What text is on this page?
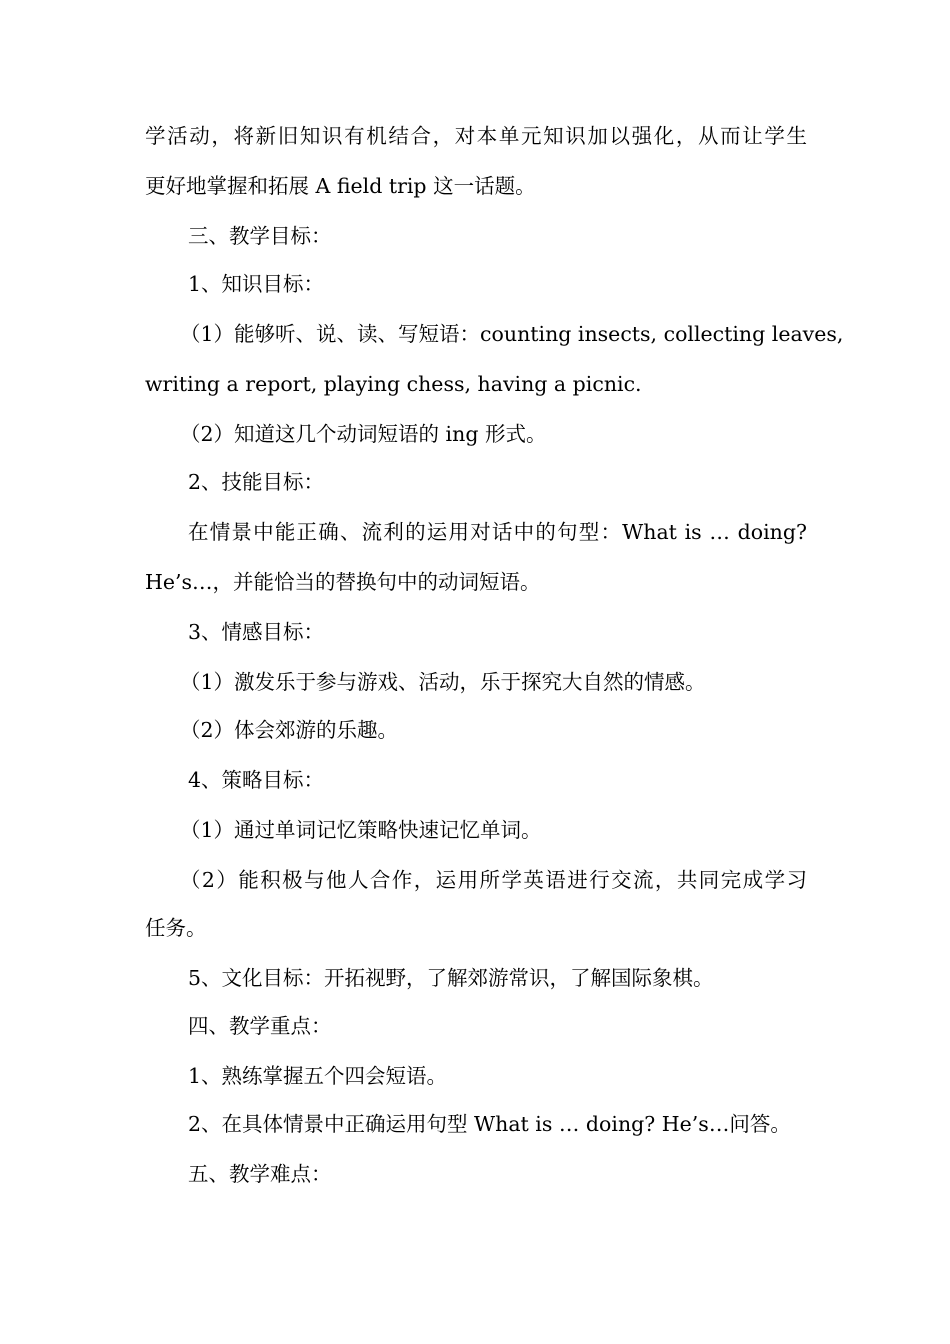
学活动，将新旧知识有机结合，对本单元知识加以强化，从而让学生
更好地掌握和拓展 A field trip 这一话题。
三、教学目标：
1、知识目标：
（1）能够听、说、读、写短语：counting insects, collecting leaves,
writing a report, playing chess, having a picnic.
（2）知道这几个动词短语的 ing 形式。
2、技能目标：
在情景中能正确、流利的运用对话中的句型：What is … doing?
He’s…，并能恰当的替换句中的动词短语。
3、情感目标：
（1）激发乐于参与游戏、活动，乐于探究大自然的情感。
（2）体会郊游的乐趣。
4、策略目标：
（1）通过单词记忆策略快速记忆单词。
（2）能积极与他人合作，运用所学英语进行交流，共同完成学习
任务。
5、文化目标：开拓视野，了解郊游常识，了解国际象棋。
四、教学重点：
1、熟练掌握五个四会短语。
2、在具体情景中正确运用句型 What is … doing? He’s…问答。
五、教学难点：
